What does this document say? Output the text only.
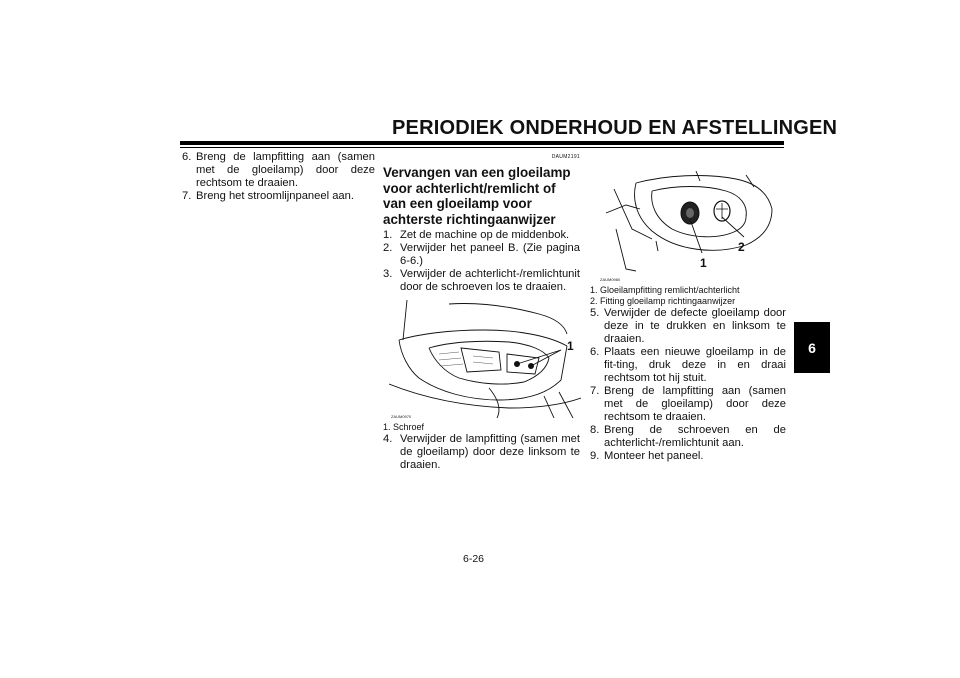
PERIODIEK ONDERHOUD EN AFSTELLINGEN
6. Breng de lampfitting aan (samen met de gloeilamp) door deze rechtsom te draaien.
7. Breng het stroomlijnpaneel aan.
DAUM2191
Vervangen van een gloeilamp voor achterlicht/remlicht of van een gloeilamp voor achterste richtingaanwijzer
1. Zet de machine op de middenbok.
2. Verwijder het paneel B. (Zie pagina 6-6.)
3. Verwijder de achterlicht-/remlichtunit door de schroeven los te draaien.
1
ZAUM0970
1. Schroef
4. Verwijder de lampfitting (samen met de gloeilamp) door deze linksom te draaien.
1
2
ZAUM0980
1. Gloeilampfitting remlicht/achterlicht
2. Fitting gloeilamp richtingaanwijzer
5. Verwijder de defecte gloeilamp door deze in te drukken en linksom te draaien.
6. Plaats een nieuwe gloeilamp in de fit-ting, druk deze in en draai rechtsom tot hij stuit.
7. Breng de lampfitting aan (samen met de gloeilamp) door deze rechtsom te draaien.
8. Breng de schroeven en de achterlicht-/remlichtunit aan.
9. Monteer het paneel.
6
6-26
